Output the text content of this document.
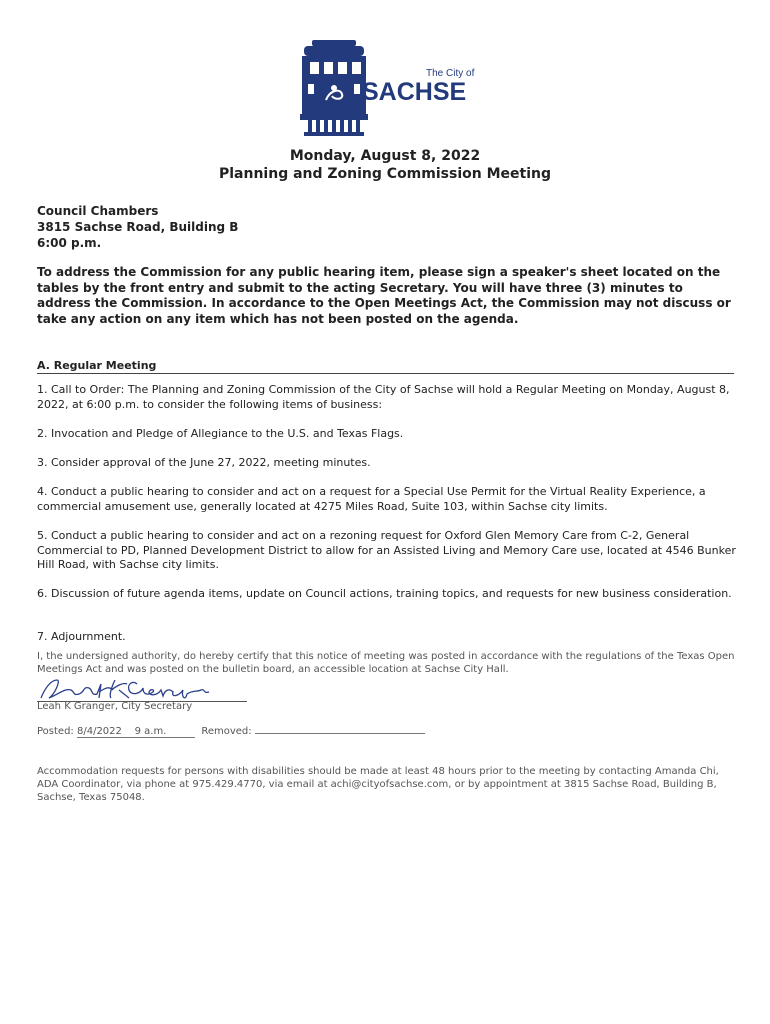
The City of
SACHSE
Monday, August 8, 2022
Planning and Zoning Commission Meeting
Council Chambers
3815 Sachse Road, Building B
6:00 p.m.
To address the Commission for any public hearing item, please sign a speaker's sheet located on the tables by the front entry and submit to the acting Secretary. You will have three (3) minutes to address the Commission. In accordance to the Open Meetings Act, the Commission may not discuss or take any action on any item which has not been posted on the agenda.
A. Regular Meeting
1. Call to Order: The Planning and Zoning Commission of the City of Sachse will hold a Regular Meeting on Monday, August 8, 2022, at 6:00 p.m. to consider the following items of business:
2. Invocation and Pledge of Allegiance to the U.S. and Texas Flags.
3. Consider approval of the June 27, 2022, meeting minutes.
4. Conduct a public hearing to consider and act on a request for a Special Use Permit for the Virtual Reality Experience, a commercial amusement use, generally located at 4275 Miles Road, Suite 103, within Sachse city limits.
5. Conduct a public hearing to consider and act on a rezoning request for Oxford Glen Memory Care from C-2, General Commercial to PD, Planned Development District to allow for an Assisted Living and Memory Care use, located at 4546 Bunker Hill Road, with Sachse city limits.
6. Discussion of future agenda items, update on Council actions, training topics, and requests for new business consideration.
7. Adjournment.
I, the undersigned authority, do hereby certify that this notice of meeting was posted in accordance with the regulations of the Texas Open Meetings Act and was posted on the bulletin board, an accessible location at Sachse City Hall.
Leah K Granger, City Secretary
Posted: 8/4/2022 9 a.m.	Removed:
Accommodation requests for persons with disabilities should be made at least 48 hours prior to the meeting by contacting Amanda Chi, ADA Coordinator, via phone at 975.429.4770, via email at achi@cityofsachse.com, or by appointment at 3815 Sachse Road, Building B, Sachse, Texas 75048.
